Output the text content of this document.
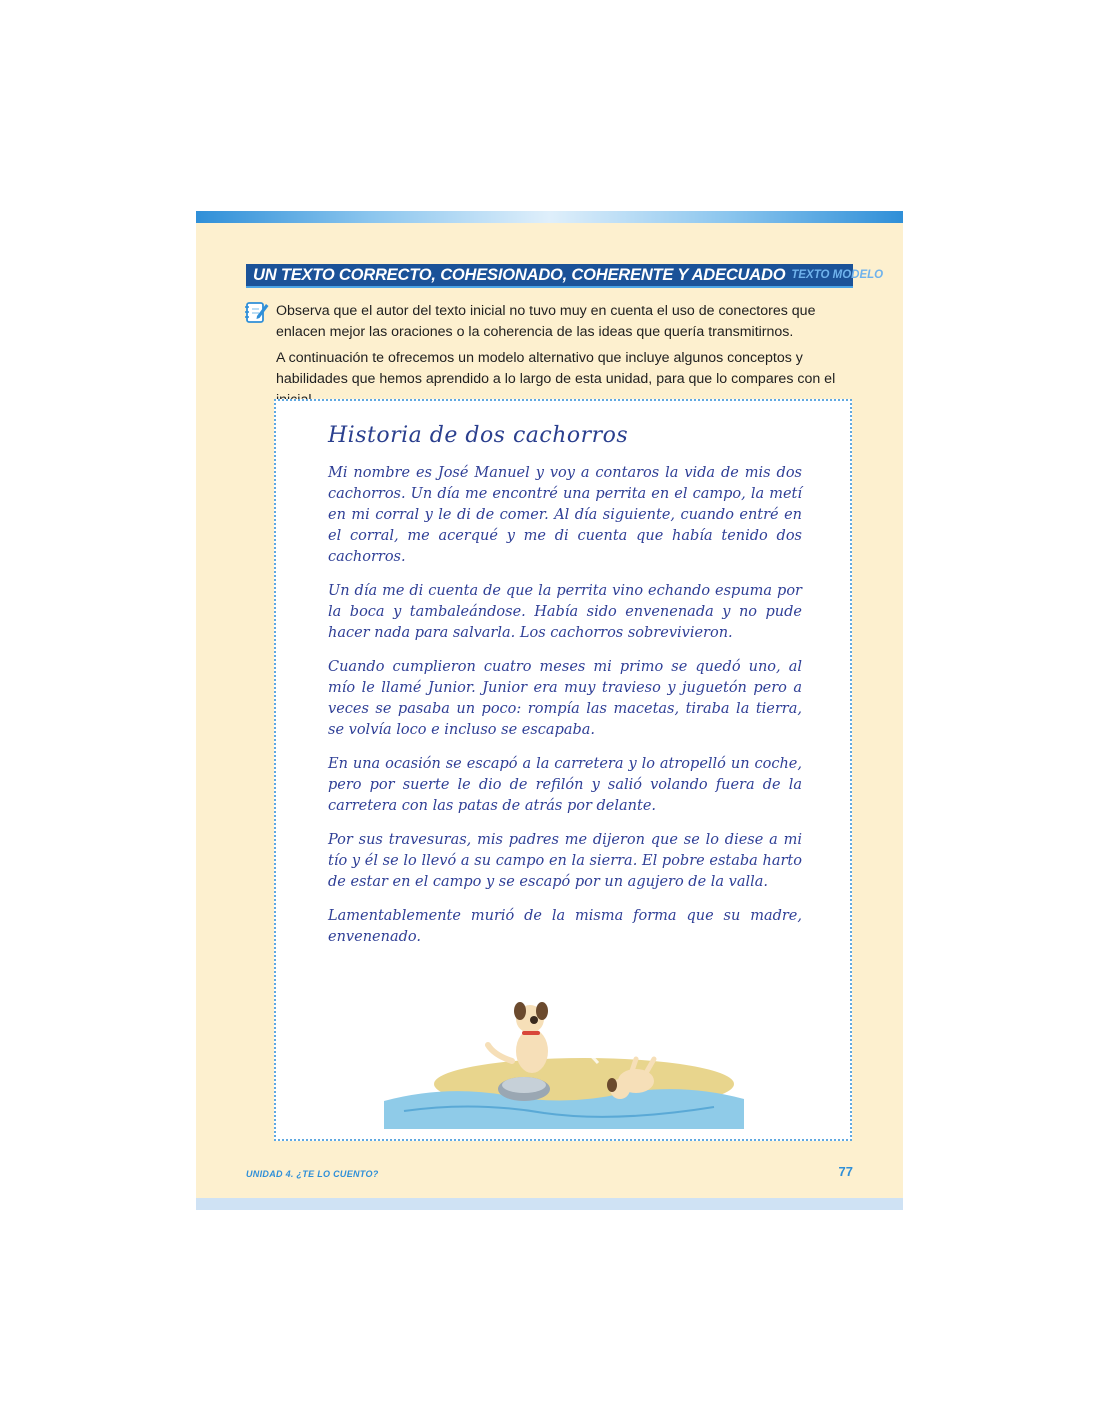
UN TEXTO CORRECTO, COHESIONADO, COHERENTE Y ADECUADO TEXTO MODELO

Observa que el autor del texto inicial no tuvo muy en cuenta el uso de conectores que enlacen mejor las oraciones o la coherencia de las ideas que quería transmitirnos.

A continuación te ofrecemos un modelo alternativo que incluye algunos conceptos y habilidades que hemos aprendido a lo largo de esta unidad, para que lo compares con el

Historia de dos cachorros

Mi nombre es José Manuel y voy a contaros la vida de mis dos cachorros. Un día me encontré una perrita en el campo, la metí en mi corral y le di de comer. Al día siguiente, cuando entré en el corral, me acerqué y me di cuenta que había tenido dos cachorros.

Un día me di cuenta de que la perrita vino echando espuma por la boca y tambaleándose. Había sido envenenada y no pude hacer nada para salvarla. Los cachorros sobrevivieron.

Cuando cumplieron cuatro meses mi primo se quedó uno, al mío le llamé Junior. Junior era muy travieso y juguetón pero a veces se pasaba un poco: rompía las macetas, tiraba la tierra, se volvía loco e incluso se escapaba.

En una ocasión se escapó a la carretera y lo atropelló un coche, pero por suerte le dio de refilón y salió volando fuera de la carretera con las patas de atrás por delante.

Por sus travesuras, mis padres me dijeron que se lo diese a mi tío y él se lo llevó a su campo en la sierra. El pobre estaba harto de estar en el campo y se escapó por un agujero de la valla.

Lamentablemente murió de la misma forma que su madre, envenenado.

UNIDAD 4. ¿TE LO CUENTO?	77
